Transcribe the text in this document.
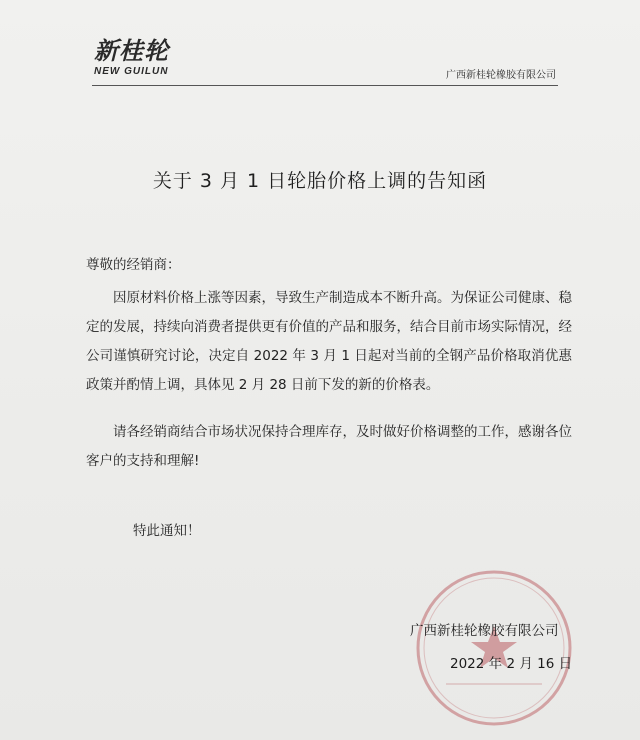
新桂轮
NEW GUILUN	广西新桂轮橡胶有限公司
关于 3 月 1 日轮胎价格上调的告知函
尊敬的经销商：
因原材料价格上涨等因素，导致生产制造成本不断升高。为保证公司健康、稳定的发展，持续向消费者提供更有价值的产品和服务，结合目前市场实际情况，经公司谨慎研究讨论，决定自 2022 年 3 月 1 日起对当前的全钢产品价格取消优惠政策并酌情上调，具体见 2 月 28 日前下发的新的价格表。
请各经销商结合市场状况保持合理库存，及时做好价格调整的工作，感谢各位客户的支持和理解!
特此通知！
广西新桂轮橡胶有限公司
2022 年 2 月 16 日
